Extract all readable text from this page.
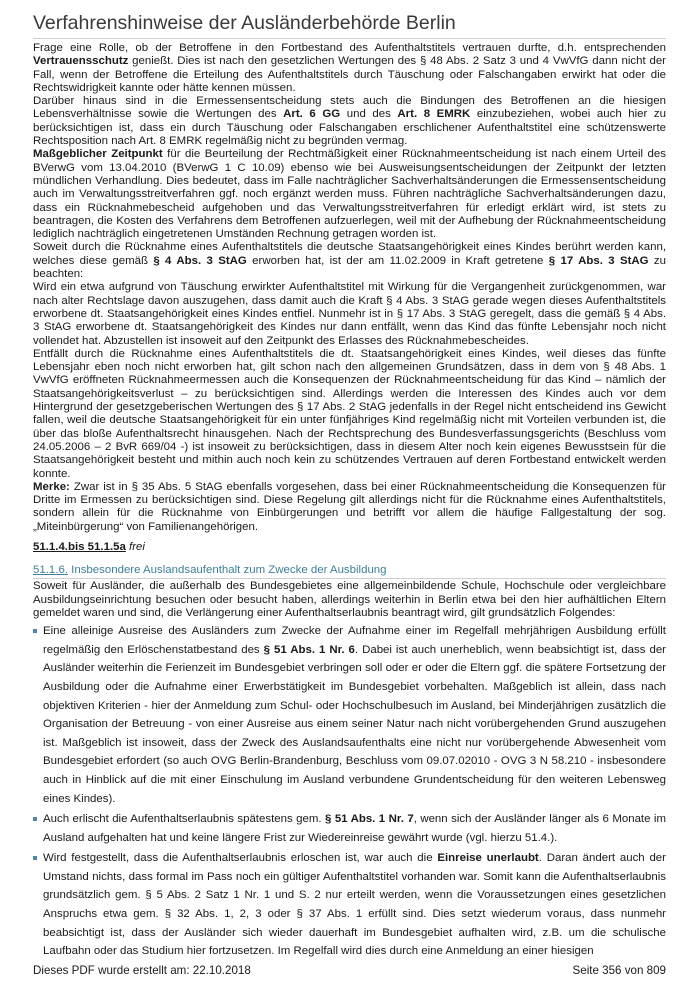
Verfahrenshinweise der Ausländerbehörde Berlin

Frage eine Rolle, ob der Betroffene in den Fortbestand des Aufenthaltstitels vertrauen durfte, d.h. entsprechenden Vertrauensschutz genießt. Dies ist nach den gesetzlichen Wertungen des § 48 Abs. 2 Satz 3 und 4 VwVfG dann nicht der Fall, wenn der Betroffene die Erteilung des Aufenthaltstitels durch Täuschung oder Falschangaben erwirkt hat oder die Rechtswidrigkeit kannte oder hätte kennen müssen.

Darüber hinaus sind in die Ermessensentscheidung stets auch die Bindungen des Betroffenen an die hiesigen Lebensverhältnisse sowie die Wertungen des Art. 6 GG und des Art. 8 EMRK einzubeziehen, wobei auch hier zu berücksichtigen ist, dass ein durch Täuschung oder Falschangaben erschlichener Aufenthaltstitel eine schützenswerte Rechtsposition nach Art. 8 EMRK regelmäßig nicht zu begründen vermag.

Maßgeblicher Zeitpunkt für die Beurteilung der Rechtmäßigkeit einer Rücknahmeentscheidung ist nach einem Urteil des BVerwG vom 13.04.2010 (BVerwG 1 C 10.09) ebenso wie bei Ausweisungsentscheidungen der Zeitpunkt der letzten mündlichen Verhandlung. Dies bedeutet, dass im Falle nachträglicher Sachverhaltsänderungen die Ermessensentscheidung auch im Verwaltungsstreitverfahren ggf. noch ergänzt werden muss. Führen nachträgliche Sachverhaltsänderungen dazu, dass ein Rücknahmebescheid aufgehoben und das Verwaltungsstreitverfahren für erledigt erklärt wird, ist stets zu beantragen, die Kosten des Verfahrens dem Betroffenen aufzuerlegen, weil mit der Aufhebung der Rücknahmeentscheidung lediglich nachträglich eingetretenen Umständen Rechnung getragen worden ist.

Soweit durch die Rücknahme eines Aufenthaltstitels die deutsche Staatsangehörigkeit eines Kindes berührt werden kann, welches diese gemäß § 4 Abs. 3 StAG erworben hat, ist der am 11.02.2009 in Kraft getretene § 17 Abs. 3 StAG zu beachten:

Wird ein etwa aufgrund von Täuschung erwirkter Aufenthaltstitel mit Wirkung für die Vergangenheit zurückgenommen, war nach alter Rechtslage davon auszugehen, dass damit auch die Kraft § 4 Abs. 3 StAG gerade wegen dieses Aufenthaltstitels erworbene dt. Staatsangehörigkeit eines Kindes entfiel. Nunmehr ist in § 17 Abs. 3 StAG geregelt, dass die gemäß § 4 Abs. 3 StAG erworbene dt. Staatsangehörigkeit des Kindes nur dann entfällt, wenn das Kind das fünfte Lebensjahr noch nicht vollendet hat. Abzustellen ist insoweit auf den Zeitpunkt des Erlasses des Rücknahmebescheides.

Entfällt durch die Rücknahme eines Aufenthaltstitels die dt. Staatsangehörigkeit eines Kindes, weil dieses das fünfte Lebensjahr eben noch nicht erworben hat, gilt schon nach den allgemeinen Grundsätzen, dass in dem von § 48 Abs. 1 VwVfG eröffneten Rücknahmeermessen auch die Konsequenzen der Rücknahmeentscheidung für das Kind – nämlich der Staatsangehörigkeitsverlust – zu berücksichtigen sind. Allerdings werden die Interessen des Kindes auch vor dem Hintergrund der gesetzgeberischen Wertungen des § 17 Abs. 2 StAG jedenfalls in der Regel nicht entscheidend ins Gewicht fallen, weil die deutsche Staatsangehörigkeit für ein unter fünfjähriges Kind regelmäßig nicht mit Vorteilen verbunden ist, die über das bloße Aufenthaltsrecht hinausgehen. Nach der Rechtsprechung des Bundesverfassungsgerichts (Beschluss vom 24.05.2006 – 2 BvR 669/04 -) ist insoweit zu berücksichtigen, dass in diesem Alter noch kein eigenes Bewusstsein für die Staatsangehörigkeit besteht und mithin auch noch kein zu schützendes Vertrauen auf deren Fortbestand entwickelt werden konnte.

Merke: Zwar ist in § 35 Abs. 5 StAG ebenfalls vorgesehen, dass bei einer Rücknahmeentscheidung die Konsequenzen für Dritte im Ermessen zu berücksichtigen sind. Diese Regelung gilt allerdings nicht für die Rücknahme eines Aufenthaltstitels, sondern allein für die Rücknahme von Einbürgerungen und betrifft vor allem die häufige Fallgestaltung der sog. „Miteinbürgerung“ von Familienangehörigen.

51.1.4.bis 51.1.5a frei
51.1.6. Insbesondere Auslandsaufenthalt zum Zwecke der Ausbildung

Soweit für Ausländer, die außerhalb des Bundesgebietes eine allgemeinbildende Schule, Hochschule oder vergleichbare Ausbildungseinrichtung besuchen oder besucht haben, allerdings weiterhin in Berlin etwa bei den hier aufhältlichen Eltern gemeldet waren und sind, die Verlängerung einer Aufenthaltserlaubnis beantragt wird, gilt grundsätzlich Folgendes:

Eine alleinige Ausreise des Ausländers zum Zwecke der Aufnahme einer im Regelfall mehrjährigen Ausbildung erfüllt regelmäßig den Erlöschenstatbestand des § 51 Abs. 1 Nr. 6. Dabei ist auch unerheblich, wenn beabsichtigt ist, dass der Ausländer weiterhin die Ferienzeit im Bundesgebiet verbringen soll oder er oder die Eltern ggf. die spätere Fortsetzung der Ausbildung oder die Aufnahme einer Erwerbstätigkeit im Bundesgebiet vorbehalten. Maßgeblich ist allein, dass nach objektiven Kriterien - hier der Anmeldung zum Schul- oder Hochschulbesuch im Ausland, bei Minderjährigen zusätzlich die Organisation der Betreuung - von einer Ausreise aus einem seiner Natur nach nicht vorübergehenden Grund auszugehen ist. Maßgeblich ist insoweit, dass der Zweck des Auslandsaufenthalts eine nicht nur vorübergehende Abwesenheit vom Bundesgebiet erfordert (so auch OVG Berlin-Brandenburg, Beschluss vom 09.07.02010 - OVG 3 N 58.210 - insbesondere auch in Hinblick auf die mit einer Einschulung im Ausland verbundene Grundentscheidung für den weiteren Lebensweg eines Kindes).
Auch erlischt die Aufenthaltserlaubnis spätestens gem. § 51 Abs. 1 Nr. 7, wenn sich der Ausländer länger als 6 Monate im Ausland aufgehalten hat und keine längere Frist zur Wiedereinreise gewährt wurde (vgl. hierzu 51.4.).
Wird festgestellt, dass die Aufenthaltserlaubnis erloschen ist, war auch die Einreise unerlaubt. Daran ändert auch der Umstand nichts, dass formal im Pass noch ein gültiger Aufenthaltstitel vorhanden war. Somit kann die Aufenthaltserlaubnis grundsätzlich gem. § 5 Abs. 2 Satz 1 Nr. 1 und S. 2 nur erteilt werden, wenn die Voraussetzungen eines gesetzlichen Anspruchs etwa gem. § 32 Abs. 1, 2, 3 oder § 37 Abs. 1 erfüllt sind. Dies setzt wiederum voraus, dass nunmehr beabsichtigt ist, dass der Ausländer sich wieder dauerhaft im Bundesgebiet aufhalten wird, z.B. um die schulische Laufbahn oder das Studium hier fortzusetzen. Im Regelfall wird dies durch eine Anmeldung an einer hiesigen
Dieses PDF wurde erstellt am: 22.10.2018	Seite 356 von 809
